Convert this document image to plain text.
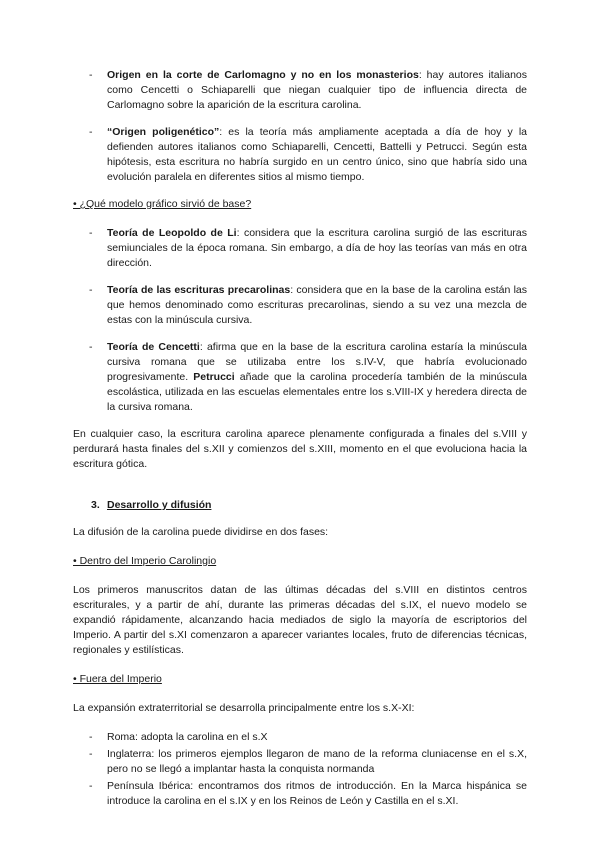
- Origen en la corte de Carlomagno y no en los monasterios: hay autores italianos como Cencetti o Schiaparelli que niegan cualquier tipo de influencia directa de Carlomagno sobre la aparición de la escritura carolina.
- “Origen poligenético”: es la teoría más ampliamente aceptada a día de hoy y la defienden autores italianos como Schiaparelli, Cencetti, Battelli y Petrucci. Según esta hipótesis, esta escritura no habría surgido en un centro único, sino que habría sido una evolución paralela en diferentes sitios al mismo tiempo.

• ¿Qué modelo gráfico sirvió de base?

- Teoría de Leopoldo de Li: considera que la escritura carolina surgió de las escrituras semiunciales de la época romana. Sin embargo, a día de hoy las teorías van más en otra dirección.
- Teoría de las escrituras precarolinas: considera que en la base de la carolina están las que hemos denominado como escrituras precarolinas, siendo a su vez una mezcla de estas con la minúscula cursiva.
- Teoría de Cencetti: afirma que en la base de la escritura carolina estaría la minúscula cursiva romana que se utilizaba entre los s.IV-V, que habría evolucionado progresivamente. Petrucci añade que la carolina procedería también de la minúscula escolástica, utilizada en las escuelas elementales entre los s.VIII-IX y heredera directa de la cursiva romana.

En cualquier caso, la escritura carolina aparece plenamente configurada a finales del s.VIII y perdurará hasta finales del s.XII y comienzos del s.XIII, momento en el que evoluciona hacia la escritura gótica.

3. Desarrollo y difusión

La difusión de la carolina puede dividirse en dos fases:

• Dentro del Imperio Carolingio

Los primeros manuscritos datan de las últimas décadas del s.VIII en distintos centros escriturales, y a partir de ahí, durante las primeras décadas del s.IX, el nuevo modelo se expandió rápidamente, alcanzando hacia mediados de siglo la mayoría de escriptorios del Imperio. A partir del s.XI comenzaron a aparecer variantes locales, fruto de diferencias técnicas, regionales y estilísticas.

• Fuera del Imperio

La expansión extraterritorial se desarrolla principalmente entre los s.X-XI:

- Roma: adopta la carolina en el s.X
- Inglaterra: los primeros ejemplos llegaron de mano de la reforma cluniacense en el s.X, pero no se llegó a implantar hasta la conquista normanda
- Península Ibérica: encontramos dos ritmos de introducción. En la Marca hispánica se introduce la carolina en el s.IX y en los Reinos de León y Castilla en el s.XI.
